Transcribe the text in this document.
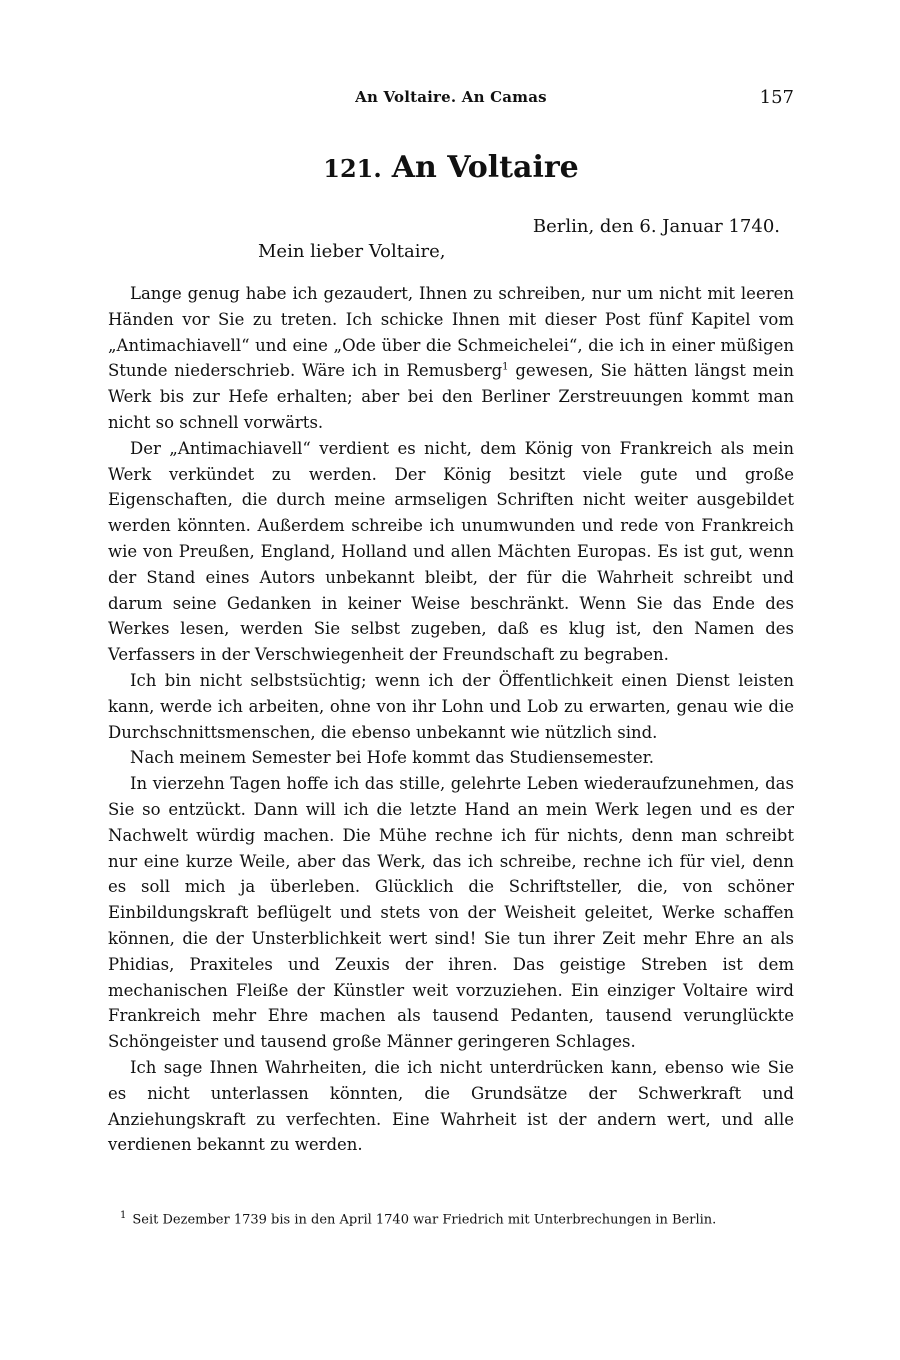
An Voltaire. An Camas	157
121. An Voltaire
Berlin, den 6. Januar 1740.
Mein lieber Voltaire,

Lange genug habe ich gezaudert, Ihnen zu schreiben, nur um nicht mit leeren Händen vor Sie zu treten. Ich schicke Ihnen mit dieser Post fünf Kapitel vom „Antimachiavell“ und eine „Ode über die Schmeichelei“, die ich in einer müßigen Stunde niederschrieb. Wäre ich in Remusberg$^1$ gewesen, Sie hätten längst mein Werk bis zur Hefe erhalten; aber bei den Berliner Zerstreuungen kommt man nicht so schnell vorwärts.

Der „Antimachiavell“ verdient es nicht, dem König von Frankreich als mein Werk verkündet zu werden. Der König besitzt viele gute und große Eigenschaften, die durch meine armseligen Schriften nicht weiter ausgebildet werden könnten. Außerdem schreibe ich unumwunden und rede von Frankreich wie von Preußen, England, Holland und allen Mächten Europas. Es ist gut, wenn der Stand eines Autors unbekannt bleibt, der für die Wahrheit schreibt und darum seine Gedanken in keiner Weise beschränkt. Wenn Sie das Ende des Werkes lesen, werden Sie selbst zugeben, daß es klug ist, den Namen des Verfassers in der Verschwiegenheit der Freundschaft zu begraben.

Ich bin nicht selbstsüchtig; wenn ich der Öffentlichkeit einen Dienst leisten kann, werde ich arbeiten, ohne von ihr Lohn und Lob zu erwarten, genau wie die Durchschnittsmenschen, die ebenso unbekannt wie nützlich sind.

Nach meinem Semester bei Hofe kommt das Studiensemester.

In vierzehn Tagen hoffe ich das stille, gelehrte Leben wiederaufzunehmen, das Sie so entzückt. Dann will ich die letzte Hand an mein Werk legen und es der Nachwelt würdig machen. Die Mühe rechne ich für nichts, denn man schreibt nur eine kurze Weile, aber das Werk, das ich schreibe, rechne ich für viel, denn es soll mich ja überleben. Glücklich die Schriftsteller, die, von schöner Einbildungskraft beflügelt und stets von der Weisheit geleitet, Werke schaffen können, die der Unsterblichkeit wert sind! Sie tun ihrer Zeit mehr Ehre an als Phidias, Praxiteles und Zeuxis der ihren. Das geistige Streben ist dem mechanischen Fleiße der Künstler weit vorzuziehen. Ein einziger Voltaire wird Frankreich mehr Ehre machen als tausend Pedanten, tausend verunglückte Schöngeister und tausend große Männer geringeren Schlages.

Ich sage Ihnen Wahrheiten, die ich nicht unterdrücken kann, ebenso wie Sie es nicht unterlassen könnten, die Grundsätze der Schwerkraft und Anziehungskraft zu verfechten. Eine Wahrheit ist der andern wert, und alle verdienen bekannt zu werden.

$^1$ Seit Dezember 1739 bis in den April 1740 war Friedrich mit Unterbrechungen in Berlin.
